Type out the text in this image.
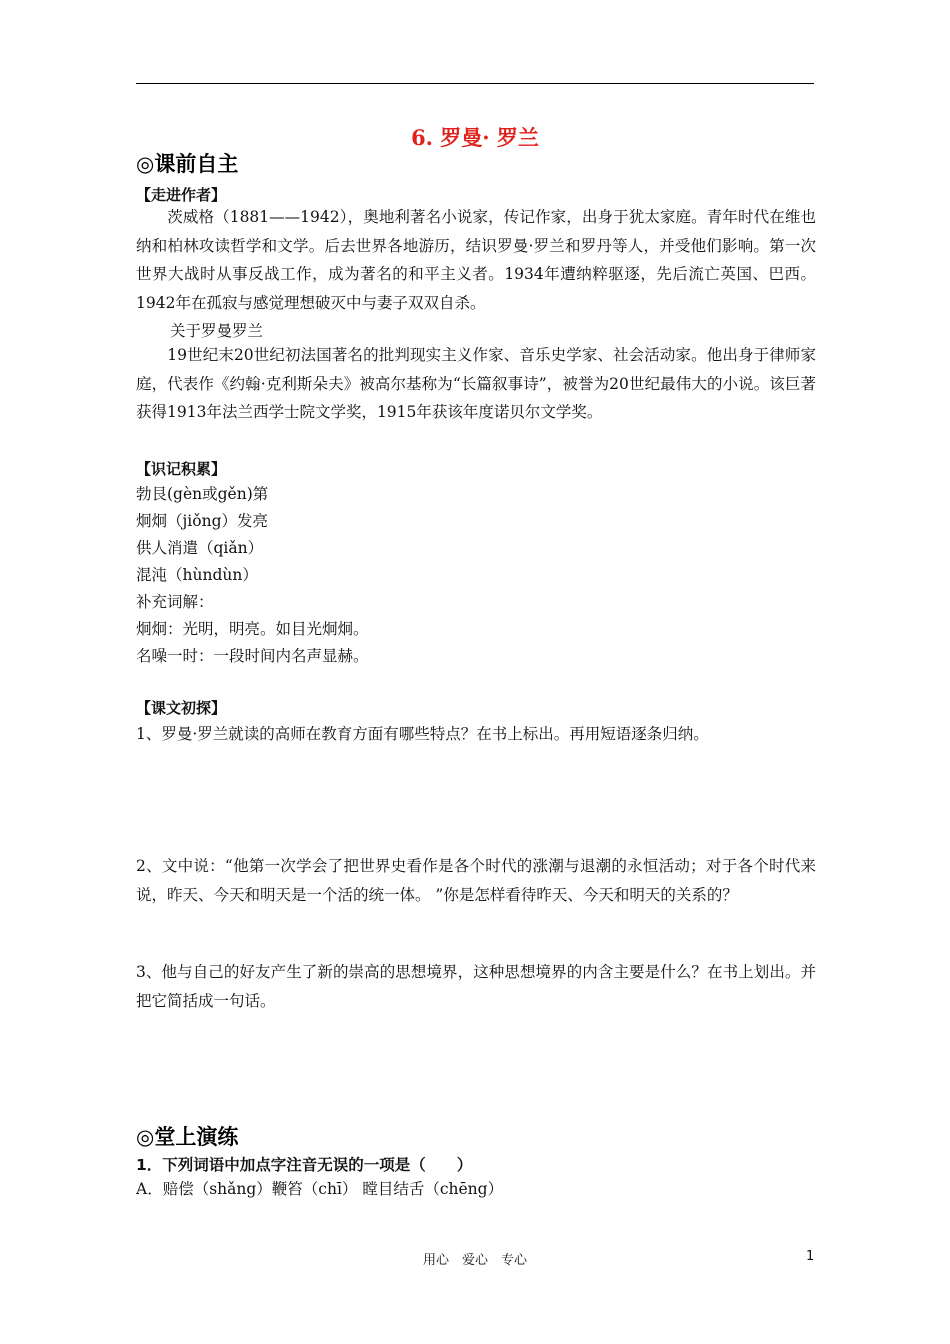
6. 罗曼· 罗兰
◎课前自主
【走进作者】
　　茨威格（1881——1942），奥地利著名小说家，传记作家，出身于犹太家庭。青年时代在维也纳和柏林攻读哲学和文学。后去世界各地游历，结识罗曼·罗兰和罗丹等人，并受他们影响。第一次世界大战时从事反战工作，成为著名的和平主义者。1934年遭纳粹驱逐，先后流亡英国、巴西。1942年在孤寂与感觉理想破灭中与妻子双双自杀。
关于罗曼罗兰
　　19世纪末20世纪初法国著名的批判现实主义作家、音乐史学家、社会活动家。他出身于律师家庭，代表作《约翰·克利斯朵夫》被高尔基称为“长篇叙事诗”，被誉为20世纪最伟大的小说。该巨著获得1913年法兰西学士院文学奖，1915年获该年度诺贝尔文学奖。
【识记积累】
勃艮(gèn或gěn)第
炯炯（jiǒng）发亮
供人消遣（qiǎn）
混沌（hùndùn）
补充词解：
炯炯：光明，明亮。如目光炯炯。
名噪一时：一段时间内名声显赫。
【课文初探】
1、罗曼·罗兰就读的高师在教育方面有哪些特点？在书上标出。再用短语逐条归纳。
2、文中说：“他第一次学会了把世界史看作是各个时代的涨潮与退潮的永恒活动；对于各个时代来说，昨天、今天和明天是一个活的统一体。 ”你是怎样看待昨天、今天和明天的关系的？
3、他与自己的好友产生了新的崇高的思想境界，这种思想境界的内含主要是什么？在书上划出。并把它简括成一句话。
◎堂上演练
1．下列词语中加点字注音无误的一项是（　　）
A．赔偿（shǎng）鞭笞（chī） 瞠目结舌（chēng）
用心　爱心　专心	1
